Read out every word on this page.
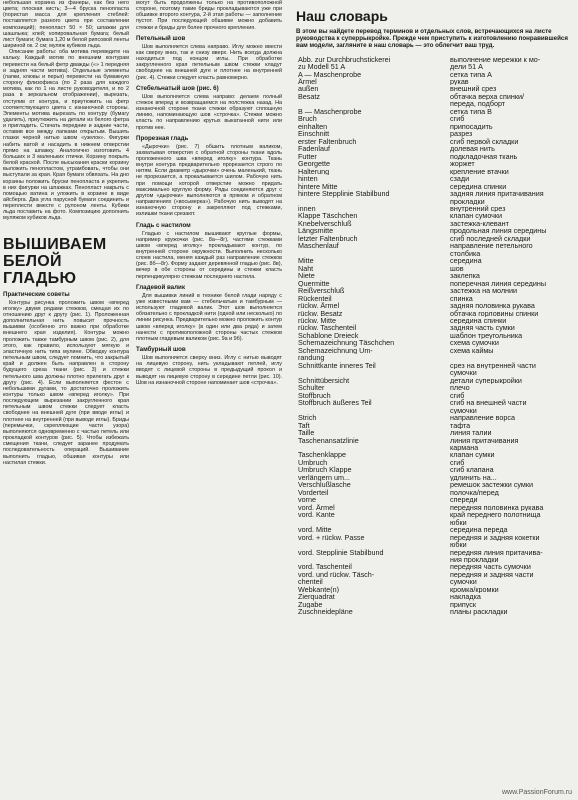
небольшая корзина из фанеры, как без него цвета; плоская кисть; 3—4 бруска пенопласта (пористая масса для крепления стеблей: поставляется разного цвета при составлении композиций); пенопласт 50 × 50; шпажки для шашлыка; клей; копировальная бумага; белый лист бумаги; бумага 1,20 м белой рипсовой ленты шириной ок. 2 см; муляж кубиков льда.

Описание работы: оба мотива переведите на кальку. Каждый мотив по внешним контурам перевести на белый фетр дважды («» 1 передняя и задняя части мотива). Отдельные элементы (лапки, клювы и перья) перевести на бумажную сторону флизофикса (по 2 раза для каждого мотива, как по 1 на листе руководителя, и по 2 раза в зеркальном отображении), вырезать, отступив от контура, и приутюжить на фетр соответствующего цвета с изнаночной стороны. Элементы мотива вырезать по контуру (бумагу удалить), приутюжить на детали из белого фетра и пригладить. Стачать передние и задние части, оставив все между лапками открытым. Вышить глазки черной нитью швом «узелок». Фигурки набить ватой и насадить в нижнем отверстии прямо на шпажку. Аналогично изготовить 4 больших и 3 маленьких птички. Корзину покрыть белой краской. После высыхания краски корзину выложить пенопластом, утрамбовать, чтобы они выступали за края. Края бумаги обвязать. На дно корзины положить бруски пенопласта и укрепить в них фигурки на шпажках. Пенопласт накрыть с помощью ватина и уложить в корзине в виде айсберга. Два угла парусной бумаги соединить и переплести вместе с рулоном ленты. Кубики льда поставить на фото. Композицию дополнить муляжом кубиков льда.

ВЫШИВАЕМ БЕЛОЙ ГЛАДЬЮ
Практические советы

Контуры рисунка проложить швом «вперед иголку» двумя рядами стежков, смещая их по отношению друг к другу (рис. 1). Проложенная дополнительная нить повысит прочность вышивки (особенно это важно при обработке внешнего края изделия). Контуры можно проложить также тамбурным швом (рис. 2), для этого, как правило, используют мягкую и эластичную нить типа мулине. Обводку контура петельным швом, следует помнить, что закрытый край и должен быть направлен в сторону будущего среза ткани (рис. 3) и стежки петельного шва должны плотно прилегать друг к другу (рис. 4). Если выполняется фестон с небольшими дугами, то достаточно проложить контуры только швом «вперед иголку». При последующем вырезании закругленного края петельным швом стежки следует класть свободнее на внешней дуге (при вводе иглы) и плотнее на внутренней (при выводе иглы). Бриды (перемычки, скрепляющие части узора) выполняются одновременно с частью петель или прокладкой контуров (рис. 5). Чтобы избежать смещения ткани, следует заранее продумать последовательность операций. Вышивание выполнить гладью, обшивая контуры или настилая стежки.

могут быть продолжены только на противоположной стороне, поэтому такие бриды прокладываются уже при обшивке второго контура, 2-й этап работы — заполнение пустот. При последующей обшивке можно добавить стежки и бриды для более прочного крепления.

Петельный шов

Шов выполняется слева направо. Иглу можно ввести как сверху вниз, так и снизу вверх. Нить всегда должна находиться под концом иглы. При обработке закругленного края петельным швом стежки кладут свободнее на внешней дуге и плотнее на внутренней (рис. 4). Стежки следует класть равномерно.

Стебельчатый шов (рис. 6)

Шов выполняется слева направо: делаем полный стежок вперед и возвращаемся на полстежка назад. На изнаночной стороне ткани стежки образуют сплошную линию, напоминающую шов «строчка». Стежки можно класть по направлению крутых выкатанной нити или против нее.

Прорезная гладь

«Дырочки» (рис. 7) обшить плотным валиком, захватывая отверстия с обратной стороны ткани вдоль проложенного шва «вперед иголку» контура. Ткань внутри контура предварительно прорезается строго по нитям. Если диаметр «дырочки» очень маленький, ткань не прорезается, а прокалывается шилом. Рабочую нить при помощи которой отверстие можно придать максимально круглую форму. Ряды соединяются друг с другом «дырочки» выполняются в прямом и обратном направлениях («восьмерка»). Рабочую нить выводят на изнаночную сторону и закрепляют под стежками, излишки ткани срезают.

Гладь с настилом

Гладью с настилом вышивают круглые формы, например кружочки (рис. 8а—8г), частями стежками швом «вперед иголку» прокладывают контур, по внутренней стороне окружности. Выполнить несколько слоев настила, меняя каждый раз направление стежков (рис. 8б—8г). Форму задают деревянной гладью (рис. 8в), вечер в обе стороны от середины и стежки класть перпендикулярно стежкам последнего настила.

Гладевой валик

Для вышивки линий в технике белой глади наряду с уже известными вам — стебельчатым и тамбурным — используют гладевой валик. Этот шов выполняется обязательно с прокладкой нити (одной или несколько) по линии рисунка. Предварительно можно проложить контур швом «вперед иголку» (в один или два ряда) и затем нанести с противоположной стороны частых стежков плотным гладевым валиком (рис. 9а и 9б).

Тамбурный шов

Шов выполняется сверху вниз. Иглу с нитью выводят на лицевую сторону, нить укладывают петлей, иглу вводят с лицевой стороны в предыдущий прокол и выводят на лицевую сторону в середине петли (рис. 10). Шов на изнаночной стороне напоминает шов «строчка».

Наш словарь
В этом вы найдете перевод терминов и отдельных слов, встречающихся на листе руководства к суперрыкройке. Прежде чем приступить к изготовлению понравившейся вам модели, загляните в наш словарь — это облегчит ваш труд.
Abb. zur Durchbruchstickerei
zu Modell 51 A
A — Maschenprobe
Ärmel
außen
Besatz
B — Maschenprobe
Bruch
einhalten
Einschnitt
erster Faltenbruch
Fadenlauf
Futter
Georgette
Halterung
hinten
hintere Mitte
hintere Stepplinie Stabilbund
innen
Klappe Täschchen
Knebelverschluß
Längsmitte
letzter Faltenbruch
Maschenlauf
Mitte
Naht
Niete
Quermitte
Reißverschluß
Rückenteil
rückw. Ärmel
rückw. Besatz
rückw. Mitte
rückw. Taschenteil
Schablone Dreieck
Schemazeichnung Täschchen
Schemazeichnung Um-
randung
Schnittkante inneres Teil
Schnittübersicht
Schulter
Stoffbruch
Stoffbruch äußeres Teil
Strich
Taft
Taille
Taschenansatzlinie
Taschenklappe
Umbruch
Umbruch Klappe
verlängern um...
Verschlußlasche
Vorderteil
vorne
vord. Ärmel
vord. Kante
vord. Mitte
vord. + rückw. Passe
vord. Stepplinie Stabilbund
vord. Taschenteil
vord. und rückw. Täsch-
chenteil
Webkante(n)
Zierquadrat
Zugabe
Zuschneidepläne
выполнение мережки к мо-
дели 51 А
сетка типа А
рукав
внешний срез
обтачка верха спинки/
переда, подборт
сетка типа В
сгиб
припосадить
разрез
сгиб первой складки
долевая нить
подкладочная ткань
жоржет
крепление втачки
сзади
середина спинки
задняя линия притачивания
прокладки
внутренний срез
клапан сумочки
застежка-клевант
продольная линия середины
сгиб последней складки
направление петельного
столбика
середина
шов
заклепка
поперечная линия середины
застежка на молнии
спинка
задняя половинка рукава
обтачка горловины спинки
середина спинки
задняя часть сумки
шаблон треугольника
схема сумочки
схема каймы
срез на внутренней части
сумочки
детали суперыкройки
плечо
сгиб
сгиб на внешней части
сумочки
направление ворса
тафта
линия талии
линия притачивания
кармана
клапан сумки
сгиб
сгиб клапана
удлинить на...
ремешок застежки сумки
полочка/перед
спереди
передняя половинка рукава
край переднего полотнища
юбки
середина переда
передняя и задняя кокетки
юбки
передняя линия притачива-
ния прокладки
передняя часть сумочки
передняя и задняя части
сумочки
кромка/кромки
накладка
припуск
планы раскладки
www.PassionForum.ru
